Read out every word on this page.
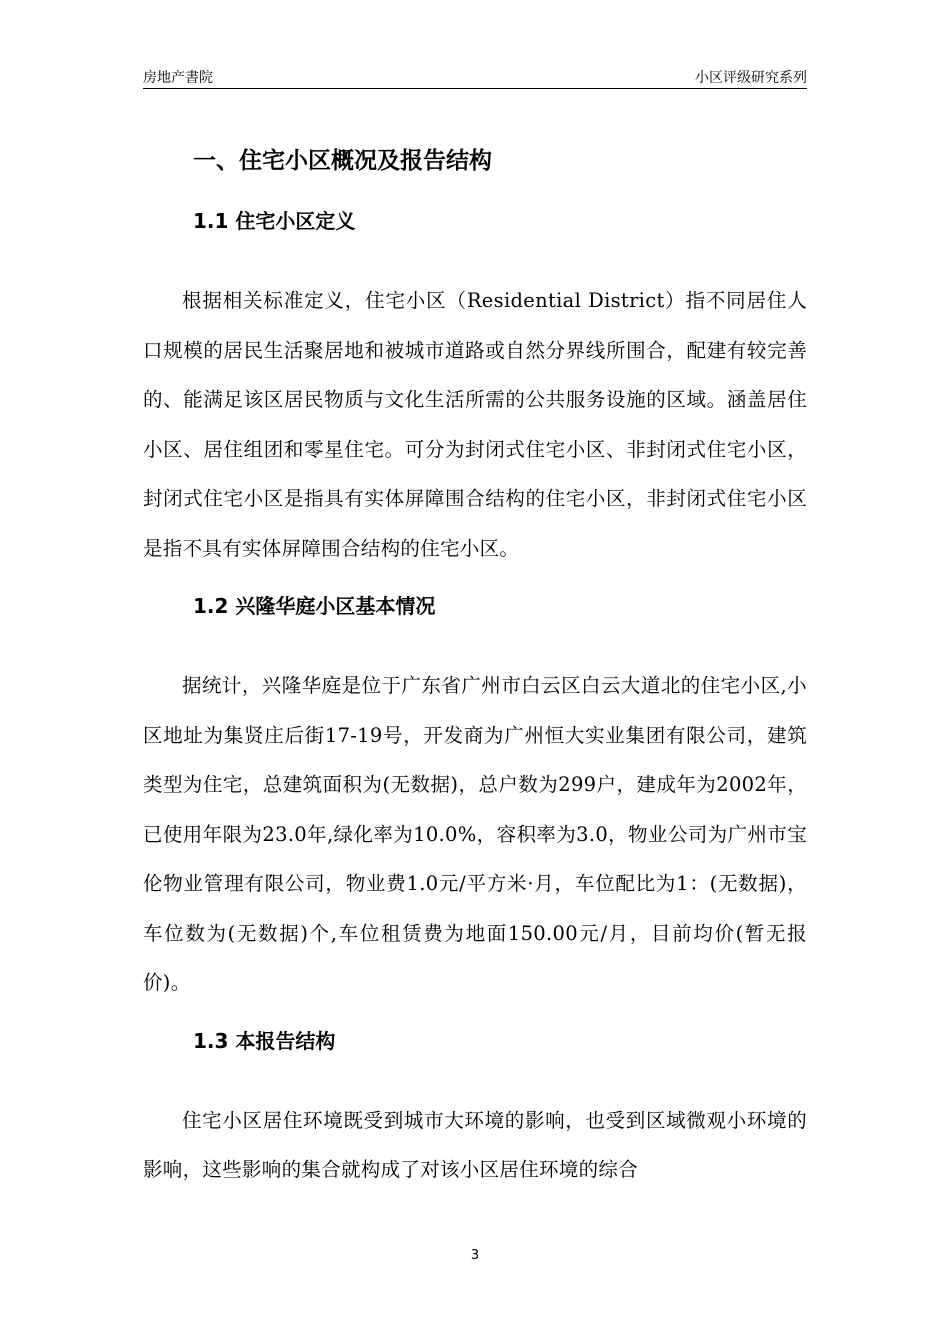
房地产書院	小区评级研究系列
一、住宅小区概况及报告结构
1.1 住宅小区定义

根据相关标准定义，住宅小区（Residential District）指不同居住人口规模的居民生活聚居地和被城市道路或自然分界线所围合，配建有较完善的、能满足该区居民物质与文化生活所需的公共服务设施的区域。涵盖居住小区、居住组团和零星住宅。可分为封闭式住宅小区、非封闭式住宅小区，封闭式住宅小区是指具有实体屏障围合结构的住宅小区，非封闭式住宅小区是指不具有实体屏障围合结构的住宅小区。

1.2 兴隆华庭小区基本情况

据统计，兴隆华庭是位于广东省广州市白云区白云大道北的住宅小区,小区地址为集贤庄后街17-19号，开发商为广州恒大实业集团有限公司，建筑类型为住宅，总建筑面积为(无数据)，总户数为299户，建成年为2002年，已使用年限为23.0年,绿化率为10.0%，容积率为3.0，物业公司为广州市宝伦物业管理有限公司，物业费1.0元/平方米·月，车位配比为1：(无数据)，车位数为(无数据)个,车位租赁费为地面150.00元/月，目前均价(暂无报价)。

1.3 本报告结构

住宅小区居住环境既受到城市大环境的影响，也受到区域微观小环境的影响，这些影响的集合就构成了对该小区居住环境的综合

3
